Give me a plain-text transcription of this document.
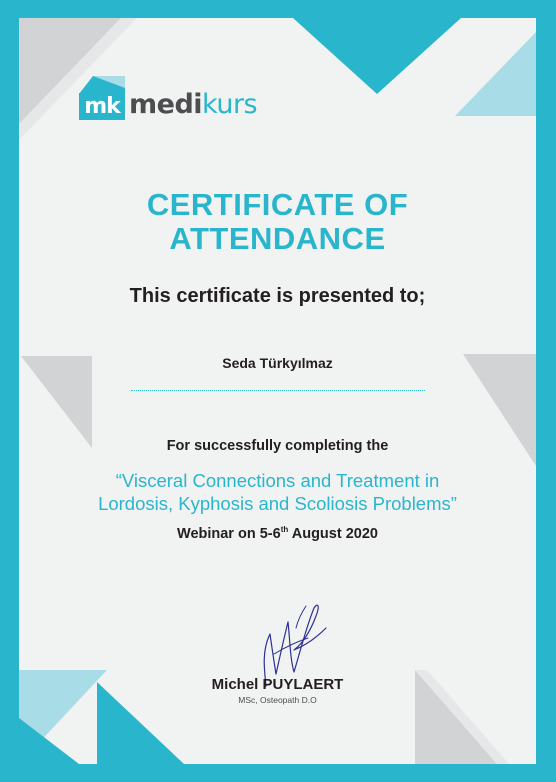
mk medikurs
CERTIFICATE OF
ATTENDANCE
This certificate is presented to;
Seda Türkyılmaz
For successfully completing the
“Visceral Connections and Treatment in
Lordosis, Kyphosis and Scoliosis Problems”
Webinar on 5-6th August 2020
Michel PUYLAERT
MSc, Osteopath D.O
